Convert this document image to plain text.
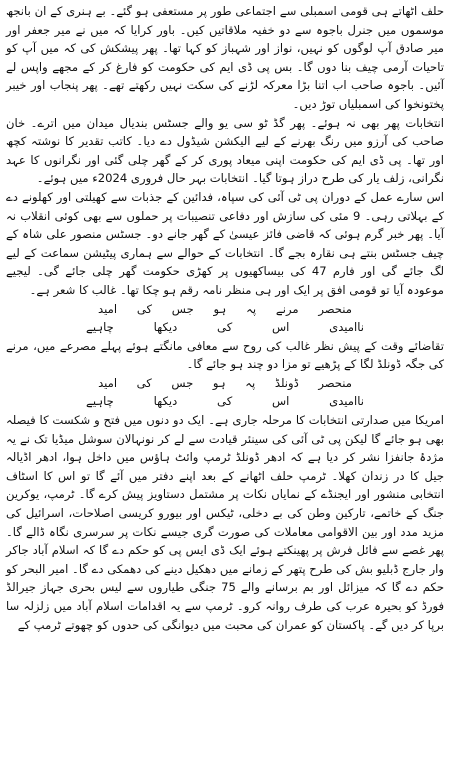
حلف اٹھاتے ہی قومی اسمبلی سے اجتماعی طور پر مستعفی ہو گئے۔ بے ہنری کے ان بانجھ موسموں میں جنرل باجوہ سے دو خفیہ ملاقاتیں کیں۔ باور کرایا کہ میں نے میر جعفر اور میر صادق آپ لوگوں کو نہیں، نواز اور شہباز کو کہا تھا۔ پھر پیشکش کی کہ میں آپ کو تاحیات آرمی چیف بنا دوں گا۔ بس پی ڈی ایم کی حکومت کو فارغ کر کے مجھے واپس لے آئیں۔ باجوہ صاحب اب اتنا بڑا معرکہ لڑنے کی سکت نہیں رکھتے تھے۔ پھر پنجاب اور خیبر پختونخوا کی اسمبلیاں توڑ دیں۔

انتخابات پھر بھی نہ ہوئے۔ پھر گڈ ٹو سی یو والے جسٹس بندیال میدان میں اترے۔ خان صاحب کی آرزو میں رنگ بھرنے کے لیے الیکشن شیڈول دے دیا۔ کاتب تقدیر کا نوشتہ کچھ اور تھا۔ پی ڈی ایم کی حکومت اپنی میعاد پوری کر کے گھر چلی گئی اور نگرانوں کا عہد نگرانی، زلف یار کی طرح دراز ہوتا گیا۔ انتخابات بہر حال فروری 2024ء میں ہوئے۔

اس سارے عمل کے دوران پی ٹی آئی کی سپاہ، فدائین کے جذبات سے کھیلتی اور کھلونے دے کے بہلاتی رہی۔ 9 مئی کی سازش اور دفاعی تنصیبات پر حملوں سے بھی کوئی انقلاب نہ آیا۔ پھر خبر گرم ہوئی کہ قاضی فائز عیسیٰ کے گھر جانے دو۔ جسٹس منصور علی شاہ کے چیف جسٹس بنتے ہی نقارہ بجے گا۔ انتخابات کے حوالے سے ہماری پیٹیشن سماعت کے لیے لگ جائے گی اور فارم 47 کی بیساکھیوں پر کھڑی حکومت گھر چلی جائے گی۔ لیجیے موعودہ آیا تو قومی افق پر ایک اور ہی منظر نامہ رقم ہو چکا تھا۔ غالب کا شعر ہے۔

منحصر
مرنے
پہ
ہو
جس
کی
امید
ناامیدی
اس
کی
دیکھا
چاہیے

تقاضائے وقت کے پیش نظر غالب کی روح سے معافی مانگتے ہوئے پہلے مصرعے میں، مرنے کی جگہ ڈونلڈ لگا کے پڑھیے تو مزا دو چند ہو جائے گا۔

منحصر
ڈونلڈ
پہ
ہو
جس
کی
امید
ناامیدی
اس
کی
دیکھا
چاہیے

امریکا میں صدارتی انتخابات کا مرحلہ جاری ہے۔ ایک دو دنوں میں فتح و شکست کا فیصلہ بھی ہو جائے گا لیکن پی ٹی آئی کی سینئر قیادت سے لے کر نونہالان سوشل میڈیا تک نے یہ مژدۂ جانفزا نشر کر دیا ہے کہ ادھر ڈونلڈ ٹرمپ وائٹ ہاؤس میں داخل ہوا، ادھر اڈیالہ جیل کا در زندان کھلا۔ ٹرمپ حلف اٹھانے کے بعد اپنے دفتر میں آئے گا تو اس کا اسٹاف انتخابی منشور اور ایجنڈے کے نمایاں نکات پر مشتمل دستاویز پیش کرے گا۔ ٹرمپ، یوکرین جنگ کے خاتمے، تارکین وطن کی بے دخلی، ٹیکس اور بیورو کریسی اصلاحات، اسرائیل کی مزید مدد اور بین الاقوامی معاملات کی صورت گری جیسے نکات پر سرسری نگاہ ڈالے گا۔ پھر غصے سے فائل فرش پر پھینکتے ہوئے ایک ڈی ایس پی کو حکم دے گا کہ اسلام آباد جاکر وار جارج ڈبلیو بش کی طرح پتھر کے زمانے میں دھکیل دینے کی دھمکی دے گا۔ امیر البحر کو حکم دے گا کہ میزائل اور بم برسانے والے 75 جنگی طیاروں سے لیس بحری جہاز جیرالڈ فورڈ کو بحیرہ عرب کی طرف روانہ کرو۔ ٹرمپ سے یہ اقدامات اسلام آباد میں زلزلہ سا برپا کر دیں گے۔ پاکستان کو عمران کی محبت میں دیوانگی کی حدوں کو چھوتے ٹرمپ کے
